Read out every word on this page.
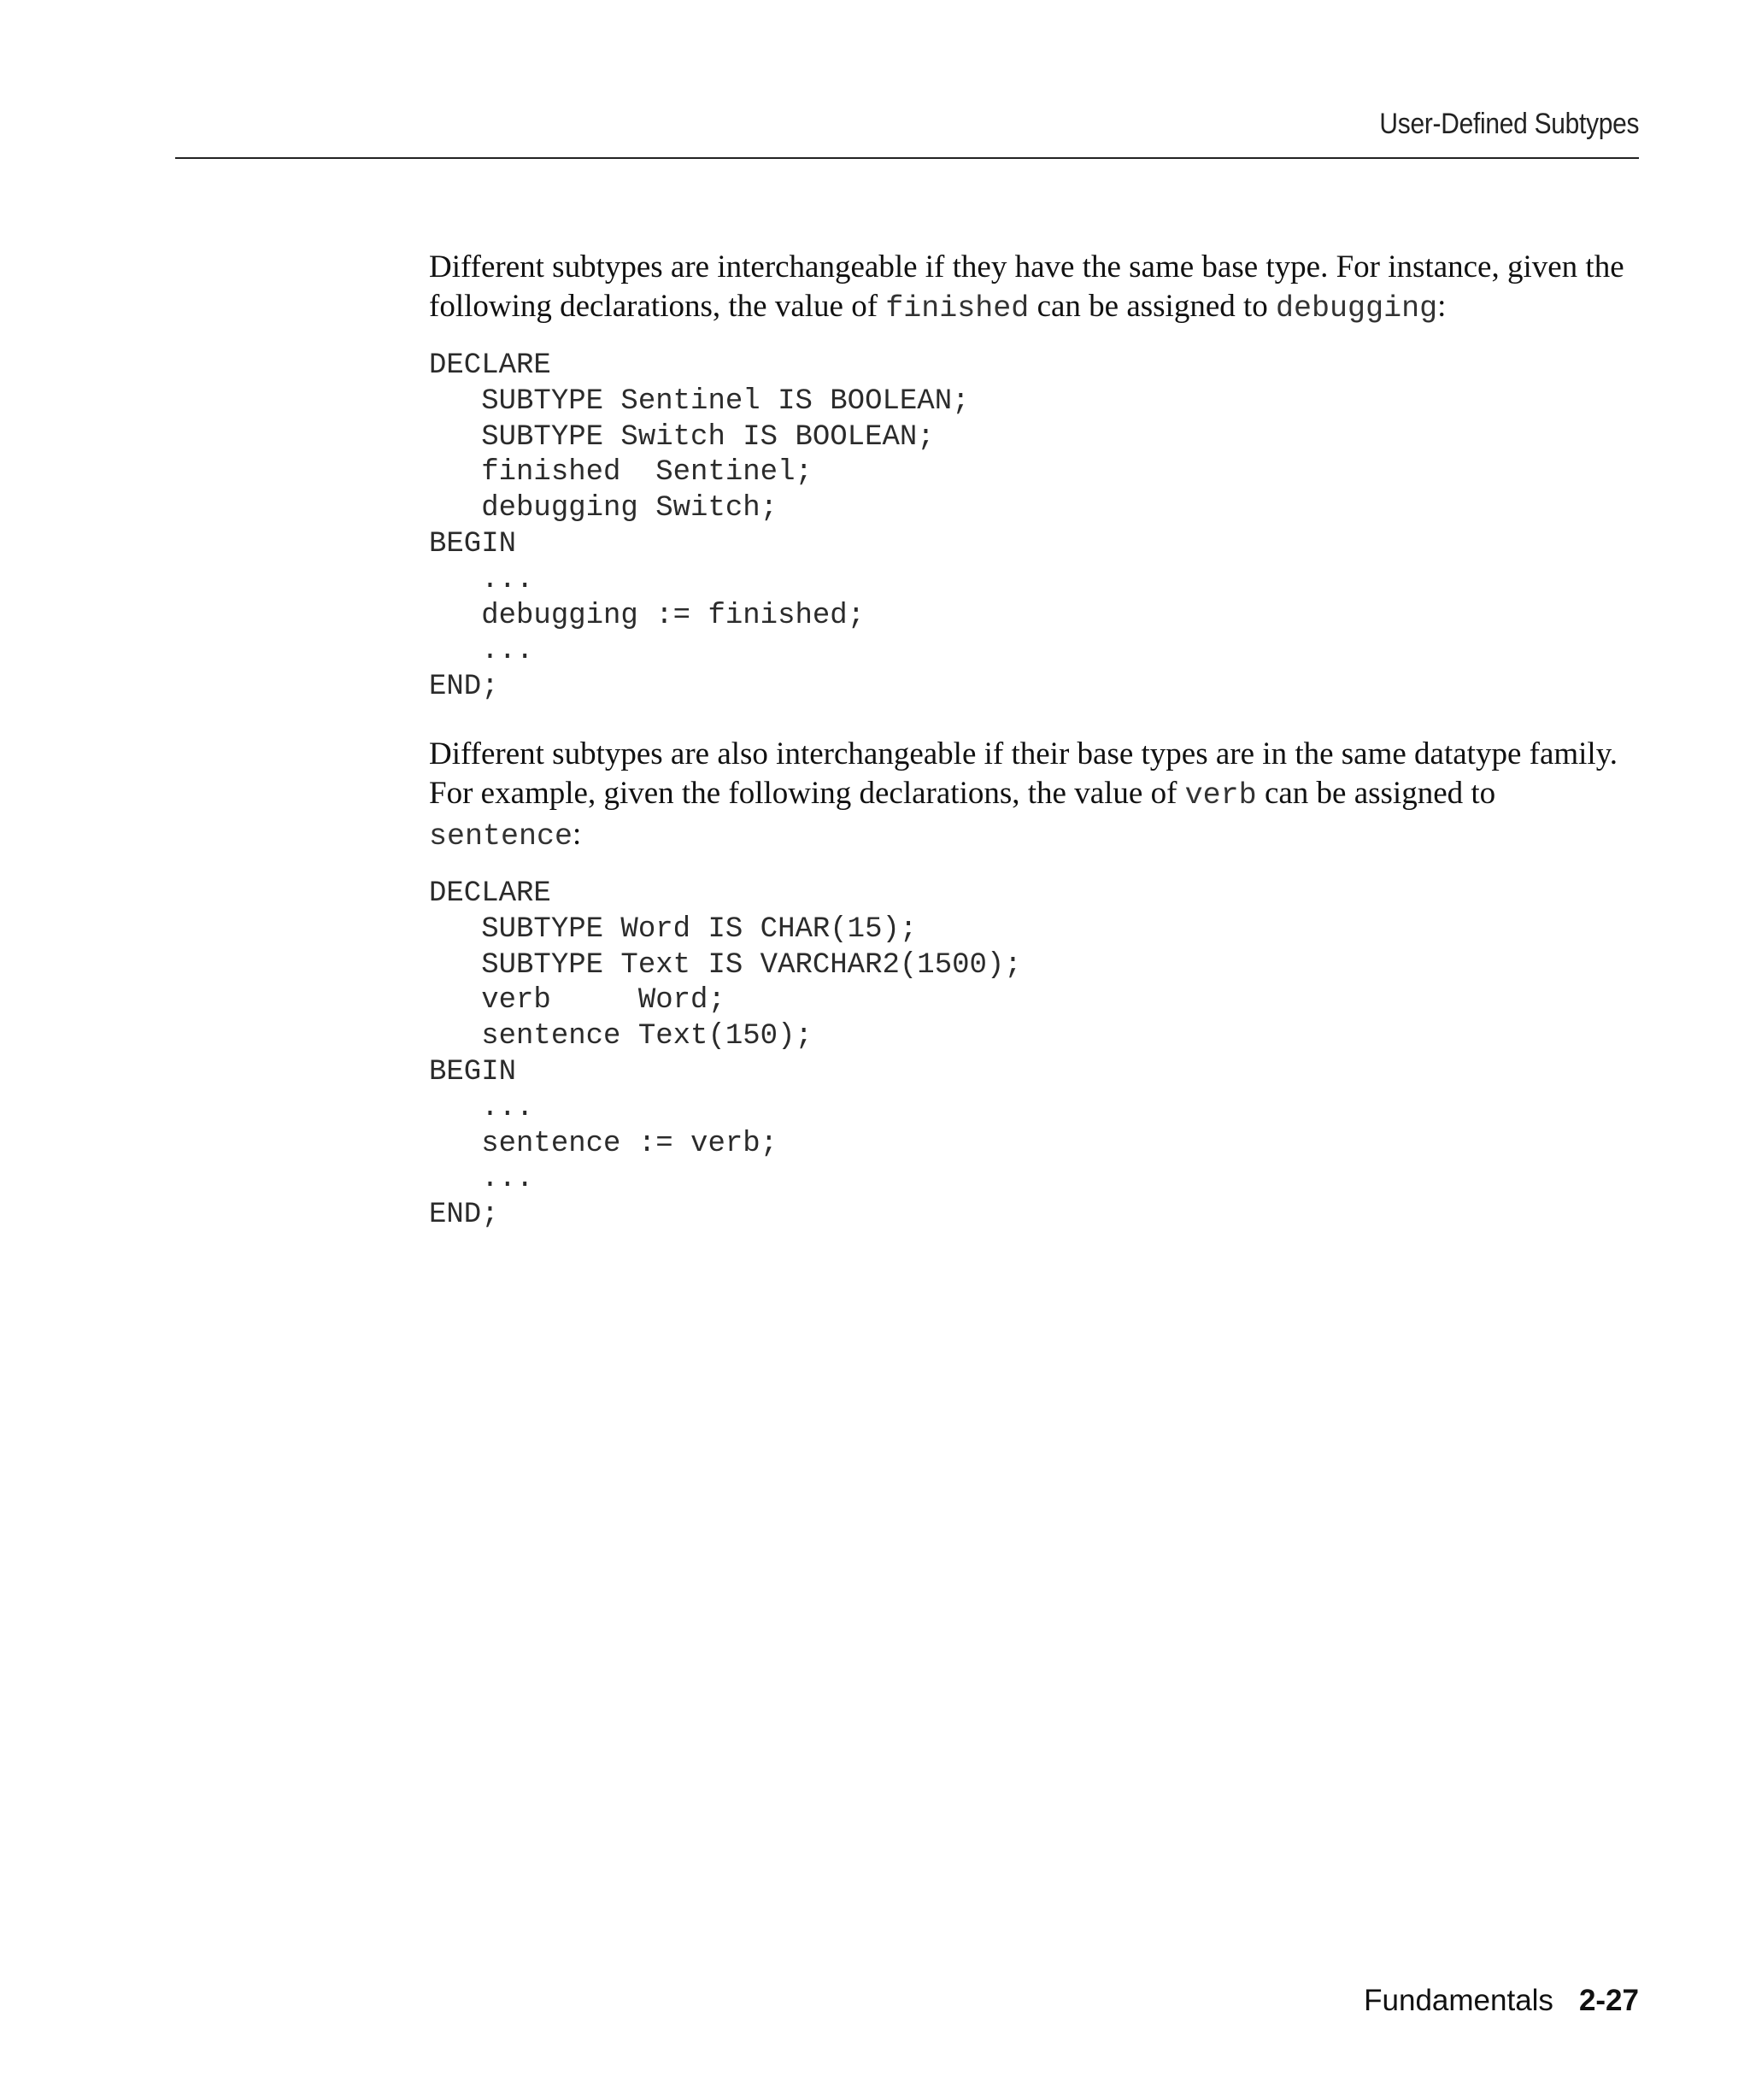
User-Defined Subtypes

Different subtypes are interchangeable if they have the same base type. For instance, given the following declarations, the value of finished can be assigned to debugging:

DECLARE
SUBTYPE Sentinel IS BOOLEAN;
SUBTYPE Switch IS BOOLEAN;
finished  Sentinel;
debugging Switch;
BEGIN
...
debugging := finished;
...
END;

Different subtypes are also interchangeable if their base types are in the same datatype family. For example, given the following declarations, the value of verb can be assigned to sentence:

DECLARE
SUBTYPE Word IS CHAR(15);
SUBTYPE Text IS VARCHAR2(1500);
verb     Word;
sentence Text(150);
BEGIN
...
sentence := verb;
...
END;
Fundamentals 2-27
